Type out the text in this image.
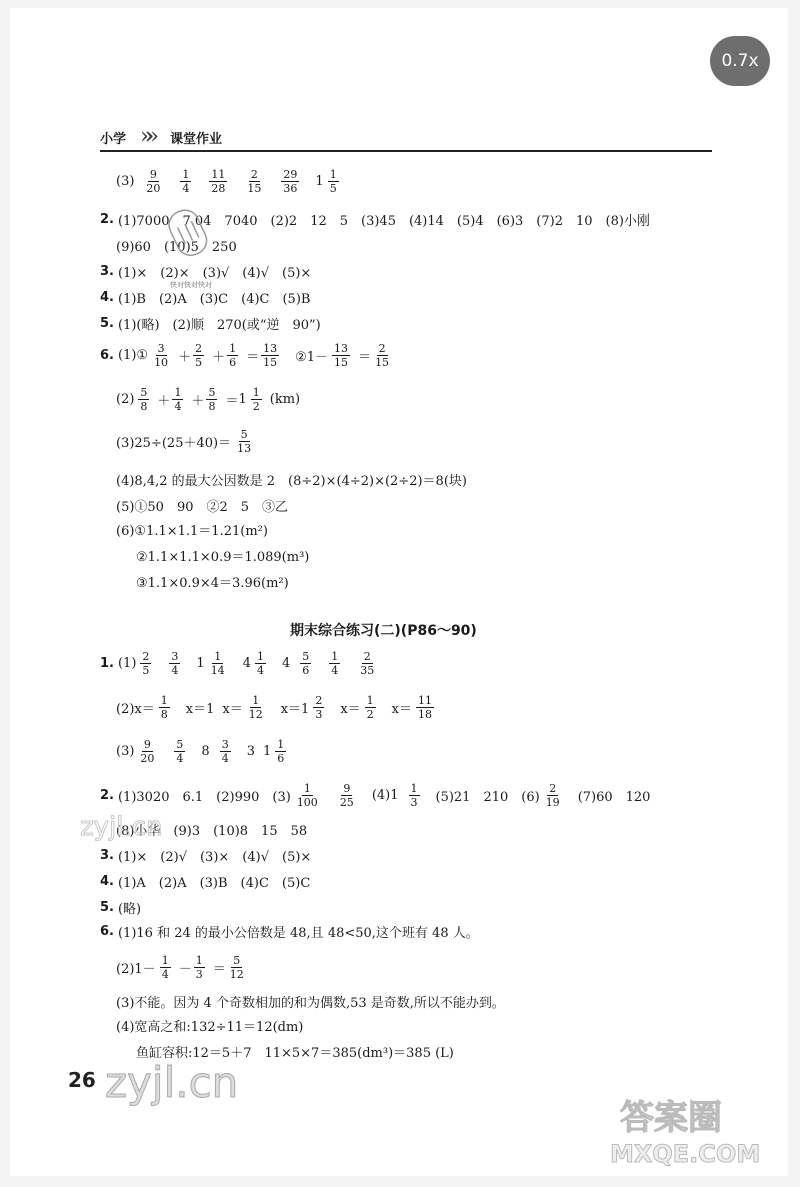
小学 »» 课堂作业
0.7x
(3) 9
20
1
4
11
28
2
15
29
36 1 1
5
2. (1)7000　7.04　7040　(2)2　12　5　(3)45　(4)14　(5)4　(6)3　(7)2　10　(8)小刚
(9)60　(10)5　250
3. (1)×　(2)×　(3)√　(4)√　(5)×
4. (1)B　(2)A　(3)C　(4)C　(5)B
5. (1)(略)　(2)顺　270(或“逆　90”)
6. (1)① 3
10 ＋
2
5 ＋
1
6 ＝
13
15 ②1－
13
15 ＝
2
15
(2) 5
8 ＋
1
4 ＋
5
8 ＝ 1 1
2 (km)
(3)25÷(25＋40)＝
5
13
(4)8,4,2 的最大公因数是 2　(8÷2)×(4÷2)×(2÷2)＝8(块)
(5)①50　90　②2　5　③乙
(6)①1.1×1.1＝1.21(m²)
②1.1×1.1×0.9＝1.089(m³)
③1.1×0.9×4＝3.96(m²)
期末综合练习(二)(P86～90)
1. (1) 2
5
3
4 1 1
14 4 1
4 4 5
6
1
4
2
35
(2)x＝
1
8 x＝1 x＝
1
12 x＝1
2
3 x＝
1
2 x＝
11
18
(3) 9
20
5
4 8 3
4 3 1 1
6
2. (1)3020　6.1　(2)990　(3)
1
100
9
25 (4)1 1
3 (5)21　210　(6)
2
19 (7)60　120
(8)小华　(9)3　(10)8　15　58
3. (1)×　(2)√　(3)×　(4)√　(5)×
4. (1)A　(2)A　(3)B　(4)C　(5)C
5. (略)
6. (1)16 和 24 的最小公倍数是 48,且 48<50,这个班有 48 人。
(2)1－
1
4 －
1
3 ＝
5
12
(3)不能。因为 4 个奇数相加的和为偶数,53 是奇数,所以不能办到。
(4)宽高之和:132÷11＝12(dm)
鱼缸容积:12＝5＋7　11×5×7＝385(dm³)＝385 (L)
26
快对快对快对
zyjl.cn
zyjl.cn
答案圈
MXQE.COM
